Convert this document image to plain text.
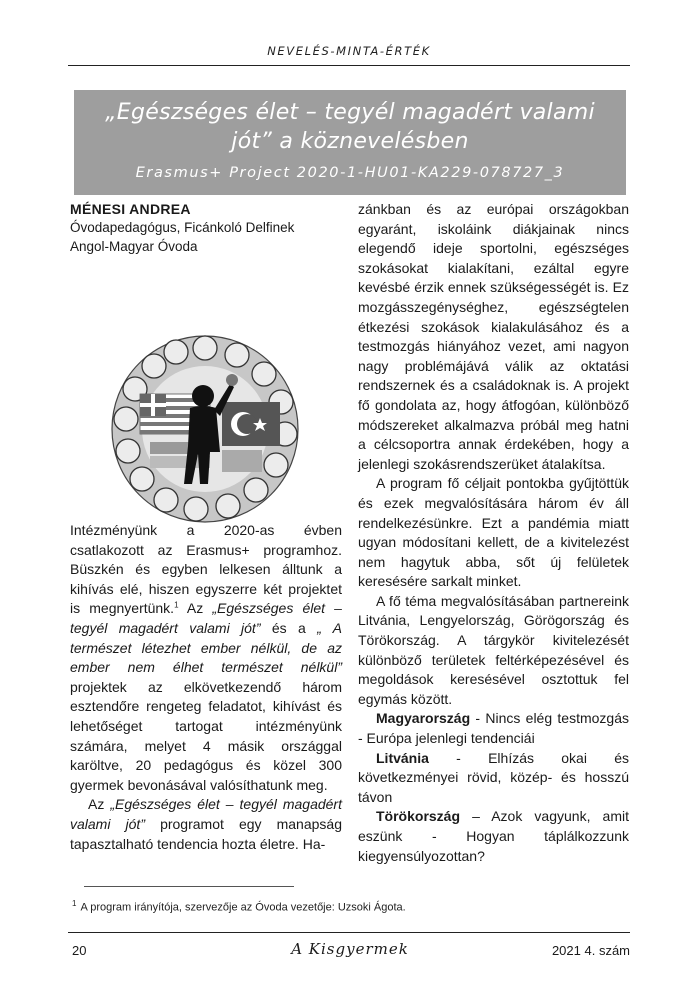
NEVELÉS-MINTA-ÉRTÉK
„Egészséges élet – tegyél magadért valami jót” a köznevelésben
Erasmus+ Project 2020-1-HU01-KA229-078727_3
MÉNESI ANDREA
Óvodapedagógus, Ficánkoló Delfinek
Angol-Magyar Óvoda

Intézményünk a 2020-as évben csatlakozott az Erasmus+ programhoz. Büszkén és egyben lelkesen álltunk a kihívás elé, hiszen egyszerre két projektet is megnyertünk.$^1$ Az „Egészséges élet – tegyél magadért valami jót” és a „ A természet létezhet ember nélkül, de az ember nem élhet természet nélkül” projektek az elkövetkezendő három esztendőre rengeteg feladatot, kihívást és lehetőséget tartogat intézményünk számára, melyet 4 másik országgal karöltve, 20 pedagógus és közel 300 gyermek bevonásával valósíthatunk meg.

Az „Egészséges élet – tegyél magadért valami jót” programot egy manapság tapasztalható tendencia hozta életre. Ha-

zánkban és az európai országokban egyaránt, iskoláink diákjainak nincs elegendő ideje sportolni, egészséges szokásokat kialakítani, ezáltal egyre kevésbé érzik ennek szükségességét is. Ez mozgásszegénységhez, egészségtelen étkezési szokások kialakulásához és a testmozgás hiányához vezet, ami nagyon nagy problémájává válik az oktatási rendszernek és a családoknak is. A projekt fő gondolata az, hogy átfogóan, különböző módszereket alkalmazva próbál meg hatni a célcsoportra annak érdekében, hogy a jelenlegi szokásrendszerüket átalakítsa.

A program fő céljait pontokba gyűjtöttük és ezek megvalósítására három év áll rendelkezésünkre. Ezt a pandémia miatt ugyan módosítani kellett, de a kivitelezést nem hagytuk abba, sőt új felületek keresésére sarkalt minket.

A fő téma megvalósításában partnereink Litvánia, Lengyelország, Görögország és Törökország. A tárgykör kivitelezését különböző területek feltérképezésével és megoldások keresésével osztottuk fel egymás között.

Magyarország - Nincs elég testmozgás - Európa jelenlegi tendenciái

Litvánia - Elhízás okai és következményei rövid, közép- és hosszú távon

Törökország – Azok vagyunk, amit eszünk - Hogyan táplálkozzunk kiegyensúlyozottan?

$^1$ A program irányítója, szervezője az Óvoda vezetője: Uzsoki Ágota.
20	A Kisgyermek	2021 4. szám
